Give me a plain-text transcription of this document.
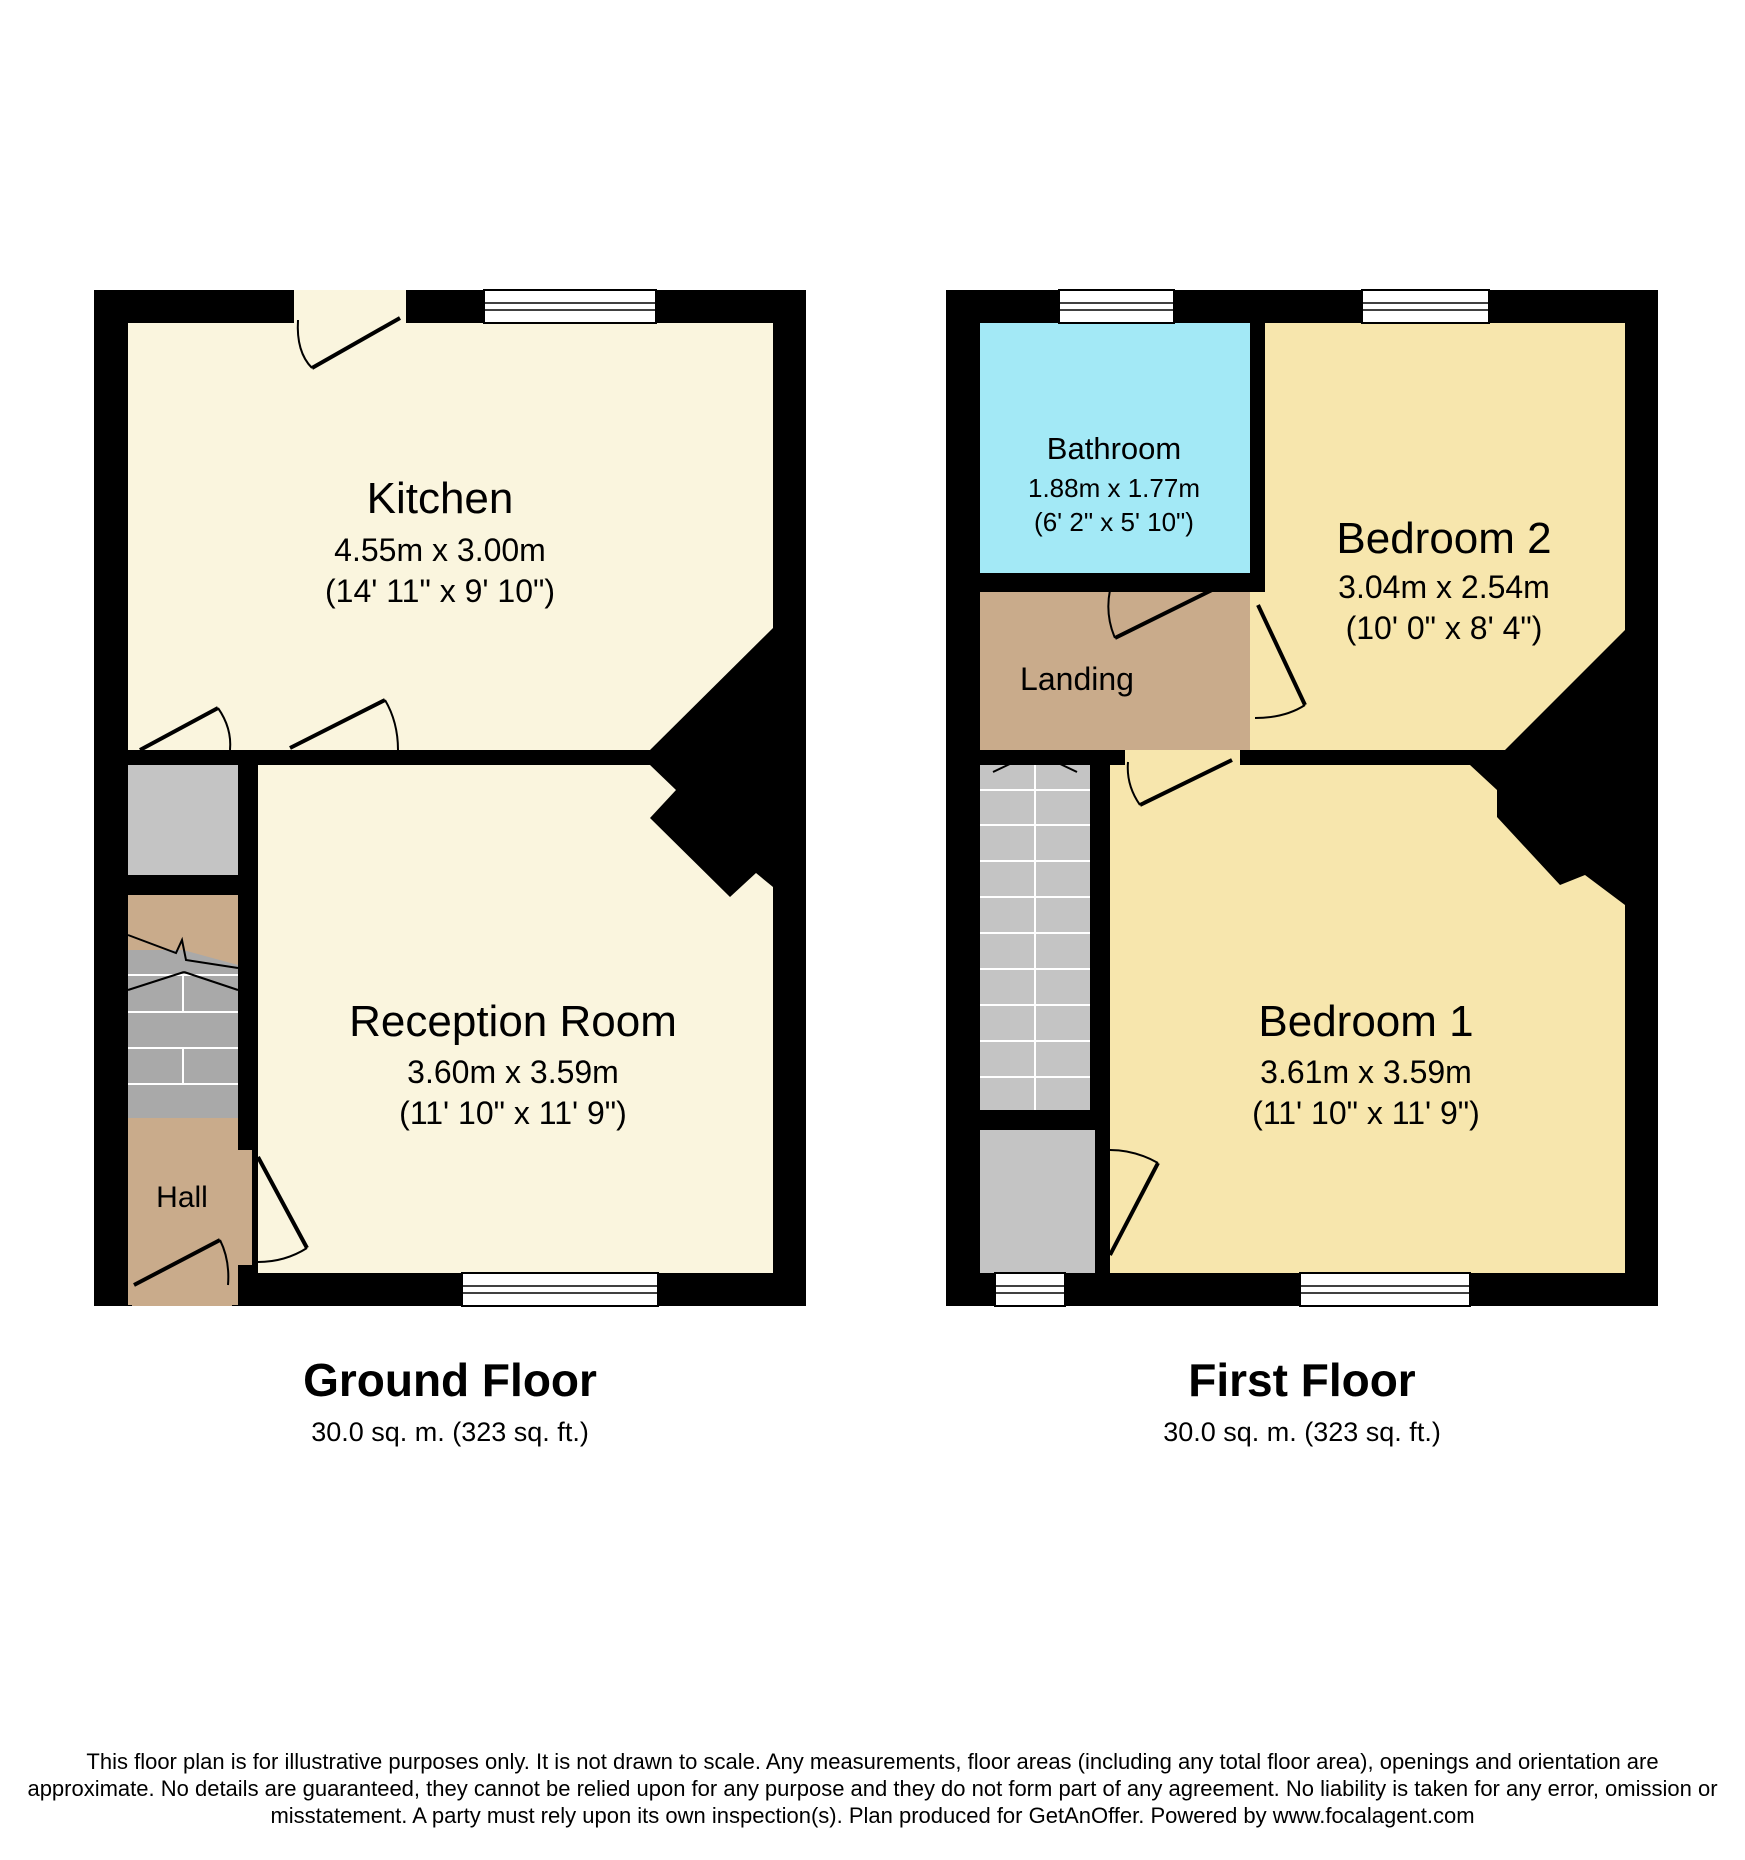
Kitchen
4.55m x 3.00m
(14' 11" x 9' 10")
Reception Room
3.60m x 3.59m
(11' 10" x 11' 9")
Hall
Bathroom
1.88m x 1.77m
(6' 2" x 5' 10")	Bedroom 2
3.04m x 2.54m
(10' 0" x 8' 4")
Landing
Bedroom 1
3.61m x 3.59m
(11' 10" x 11' 9")
Ground Floor
30.0 sq. m. (323 sq. ft.)
First Floor
30.0 sq. m. (323 sq. ft.)
This floor plan is for illustrative purposes only. It is not drawn to scale. Any measurements, floor areas (including any total floor area), openings and orientation are approximate. No details are guaranteed, they cannot be relied upon for any purpose and they do not form part of any agreement. No liability is taken for any error, omission or misstatement. A party must rely upon its own inspection(s). Plan produced for GetAnOffer. Powered by www.focalagent.com
